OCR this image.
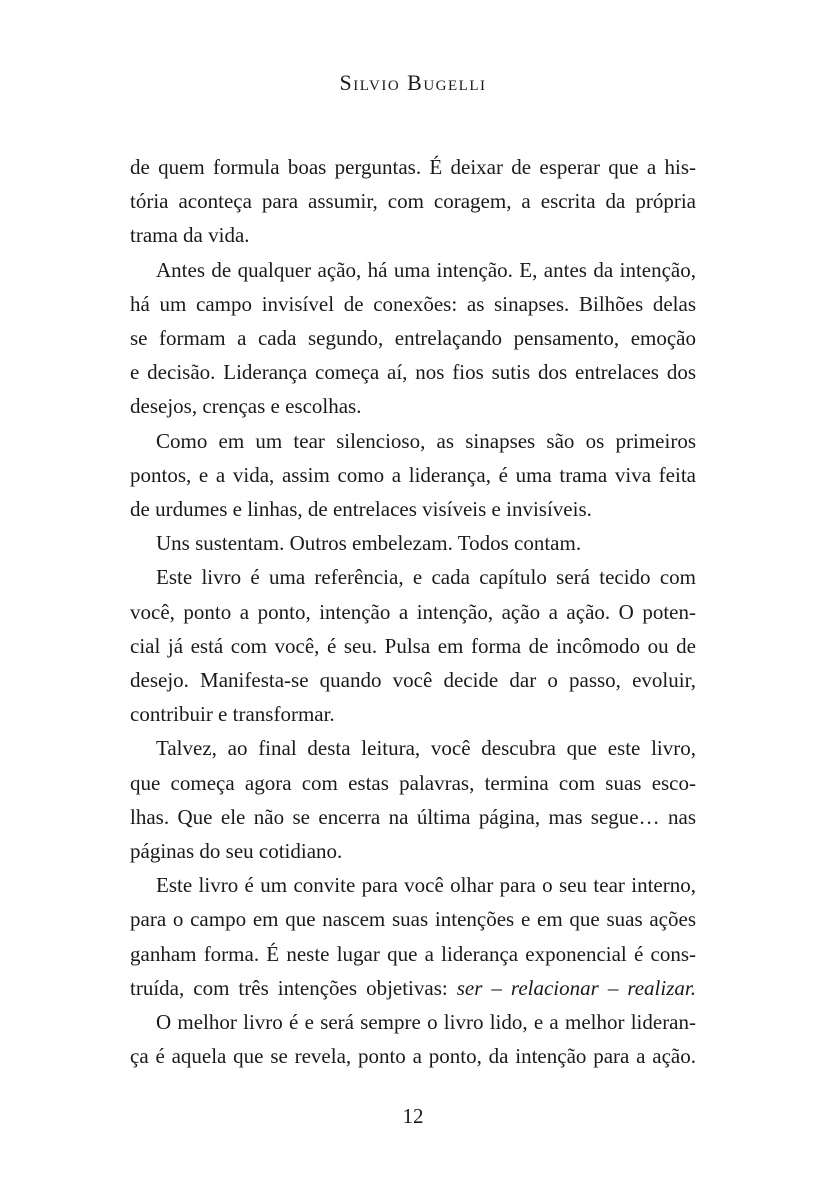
Silvio Bugelli
de quem formula boas perguntas. É deixar de esperar que a his-
tória aconteça para assumir, com coragem, a escrita da própria
trama da vida.
Antes de qualquer ação, há uma intenção. E, antes da intenção,
há um campo invisível de conexões: as sinapses. Bilhões delas
se formam a cada segundo, entrelaçando pensamento, emoção
e decisão. Liderança começa aí, nos fios sutis dos entrelaces dos
desejos, crenças e escolhas.
Como em um tear silencioso, as sinapses são os primeiros
pontos, e a vida, assim como a liderança, é uma trama viva feita
de urdumes e linhas, de entrelaces visíveis e invisíveis.
Uns sustentam. Outros embelezam. Todos contam.
Este livro é uma referência, e cada capítulo será tecido com
você, ponto a ponto, intenção a intenção, ação a ação. O poten-
cial já está com você, é seu. Pulsa em forma de incômodo ou de
desejo. Manifesta-se quando você decide dar o passo, evoluir,
contribuir e transformar.
Talvez, ao final desta leitura, você descubra que este livro,
que começa agora com estas palavras, termina com suas esco-
lhas. Que ele não se encerra na última página, mas segue… nas
páginas do seu cotidiano.
Este livro é um convite para você olhar para o seu tear interno,
para o campo em que nascem suas intenções e em que suas ações
ganham forma. É neste lugar que a liderança exponencial é cons-
truída, com três intenções objetivas: ser – relacionar – realizar.
O melhor livro é e será sempre o livro lido, e a melhor lideran-
ça é aquela que se revela, ponto a ponto, da intenção para a ação.
12
